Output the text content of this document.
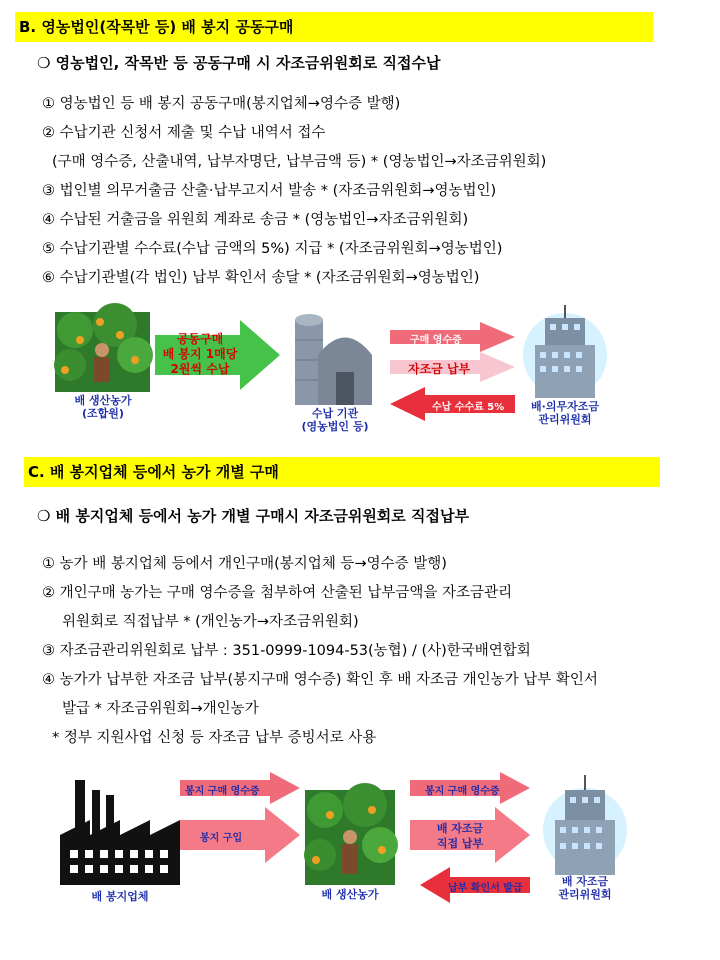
B. 영농법인(작목반 등) 배 봉지 공동구매
❍ 영농법인, 작목반 등 공동구매 시 자조금위원회로 직접수납
① 영농법인 등 배 봉지 공동구매(봉지업체→영수증 발행)
② 수납기관 신청서 제출 및 수납 내역서 접수
(구매 영수증, 산출내역, 납부자명단, 납부금액 등) * (영농법인→자조금위원회)
③ 법인별 의무거출금 산출·납부고지서 발송 * (자조금위원회→영농법인)
④ 수납된 거출금을 위원회 계좌로 송금 * (영농법인→자조금위원회)
⑤ 수납기관별 수수료(수납 금액의 5%) 지급 * (자조금위원회→영농법인)
⑥ 수납기관별(각 법인) 납부 확인서 송달 * (자조금위원회→영농법인)
배 생산농가
(조합원)
공동구매
배 봉지 1매당
2원씩 수납
수납 기관
(영농법인 등)
구매 영수증
자조금 납부
수납 수수료 5%	배·의무자조금
관리위원회
C. 배 봉지업체 등에서 농가 개별 구매
❍ 배 봉지업체 등에서 농가 개별 구매시 자조금위원회로 직접납부
① 농가 배 봉지업체 등에서 개인구매(봉지업체 등→영수증 발행)
② 개인구매 농가는 구매 영수증을 첨부하여 산출된 납부금액을 자조금관리
위원회로 직접납부 * (개인농가→자조금위원회)
③ 자조금관리위원회로 납부 : 351-0999-1094-53(농협) / (사)한국배연합회
④ 농가가 납부한 자조금 납부(봉지구매 영수증) 확인 후 배 자조금 개인농가 납부 확인서
발급 * 자조금위원회→개인농가
* 정부 지원사업 신청 등 자조금 납부 증빙서로 사용
배 봉지업체
봉지 구매 영수증
봉지 구입
배 생산농가
봉지 구매 영수증
배 자조금
직접 납부
납부 확인서 발급
배 자조금
관리위원회
